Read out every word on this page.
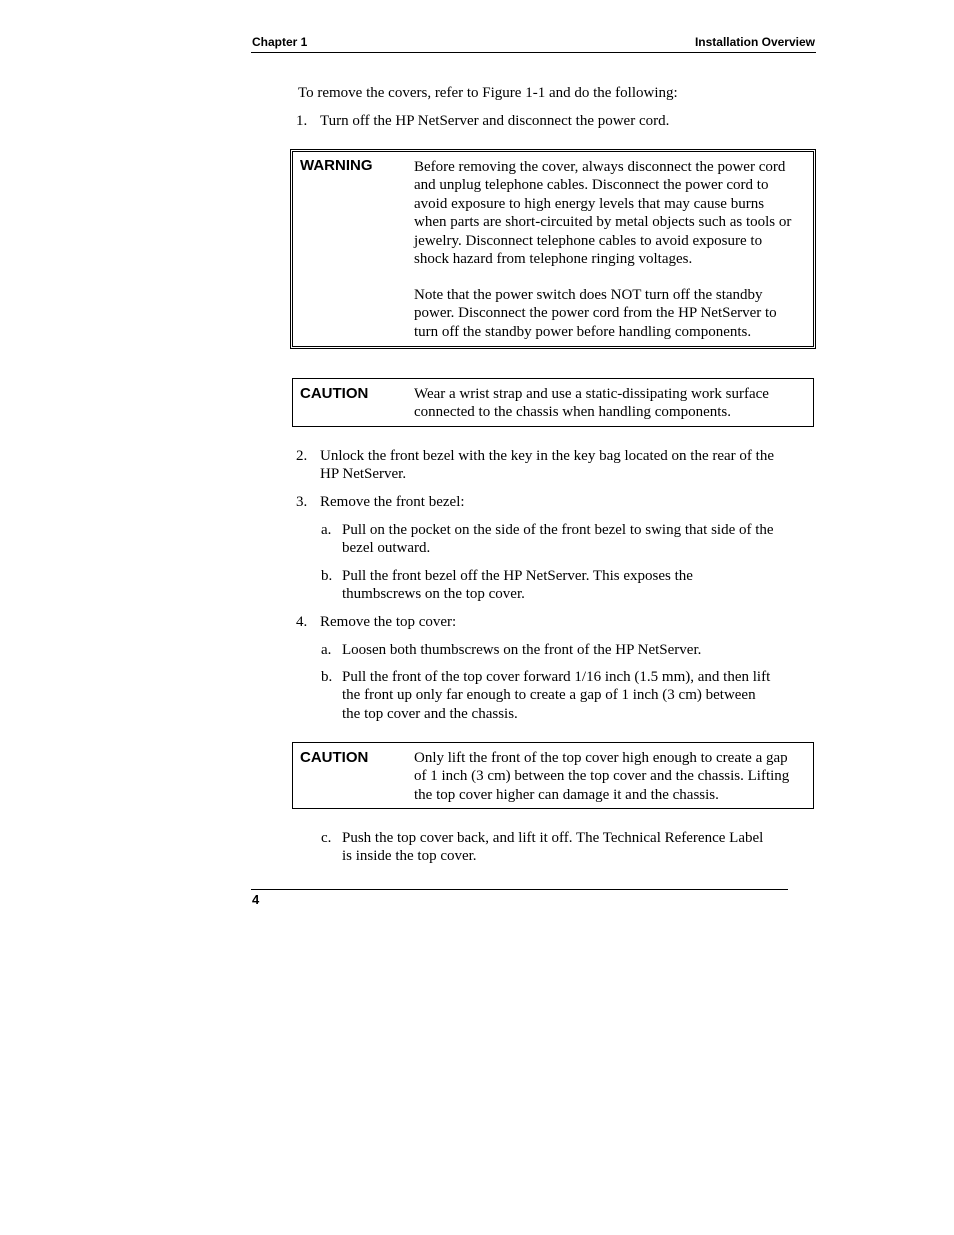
Chapter 1	Installation Overview
To remove the covers, refer to Figure 1-1 and do the following:
1. Turn off the HP NetServer and disconnect the power cord.
WARNING	Before removing the cover, always disconnect the power cord
and unplug telephone cables. Disconnect the power cord to
avoid exposure to high energy levels that may cause burns
when parts are short-circuited by metal objects such as tools or
jewelry. Disconnect telephone cables to avoid exposure to
shock hazard from telephone ringing voltages.
Note that the power switch does NOT turn off the standby
power. Disconnect the power cord from the HP NetServer to
turn off the standby power before handling components.
CAUTION	Wear a wrist strap and use a static-dissipating work surface
connected to the chassis when handling components.
2. Unlock the front bezel with the key in the key bag located on the rear of the
HP NetServer.
3. Remove the front bezel:
a. Pull on the pocket on the side of the front bezel to swing that side of the
bezel outward.
b. Pull the front bezel off the HP NetServer. This exposes the
thumbscrews on the top cover.
4. Remove the top cover:
a. Loosen both thumbscrews on the front of the HP NetServer.
b. Pull the front of the top cover forward 1/16 inch (1.5 mm), and then lift
the front up only far enough to create a gap of 1 inch (3 cm) between
the top cover and the chassis.
CAUTION	Only lift the front of the top cover high enough to create a gap
of 1 inch (3 cm) between the top cover and the chassis. Lifting
the top cover higher can damage it and the chassis.
c. Push the top cover back, and lift it off. The Technical Reference Label
is inside the top cover.
4
